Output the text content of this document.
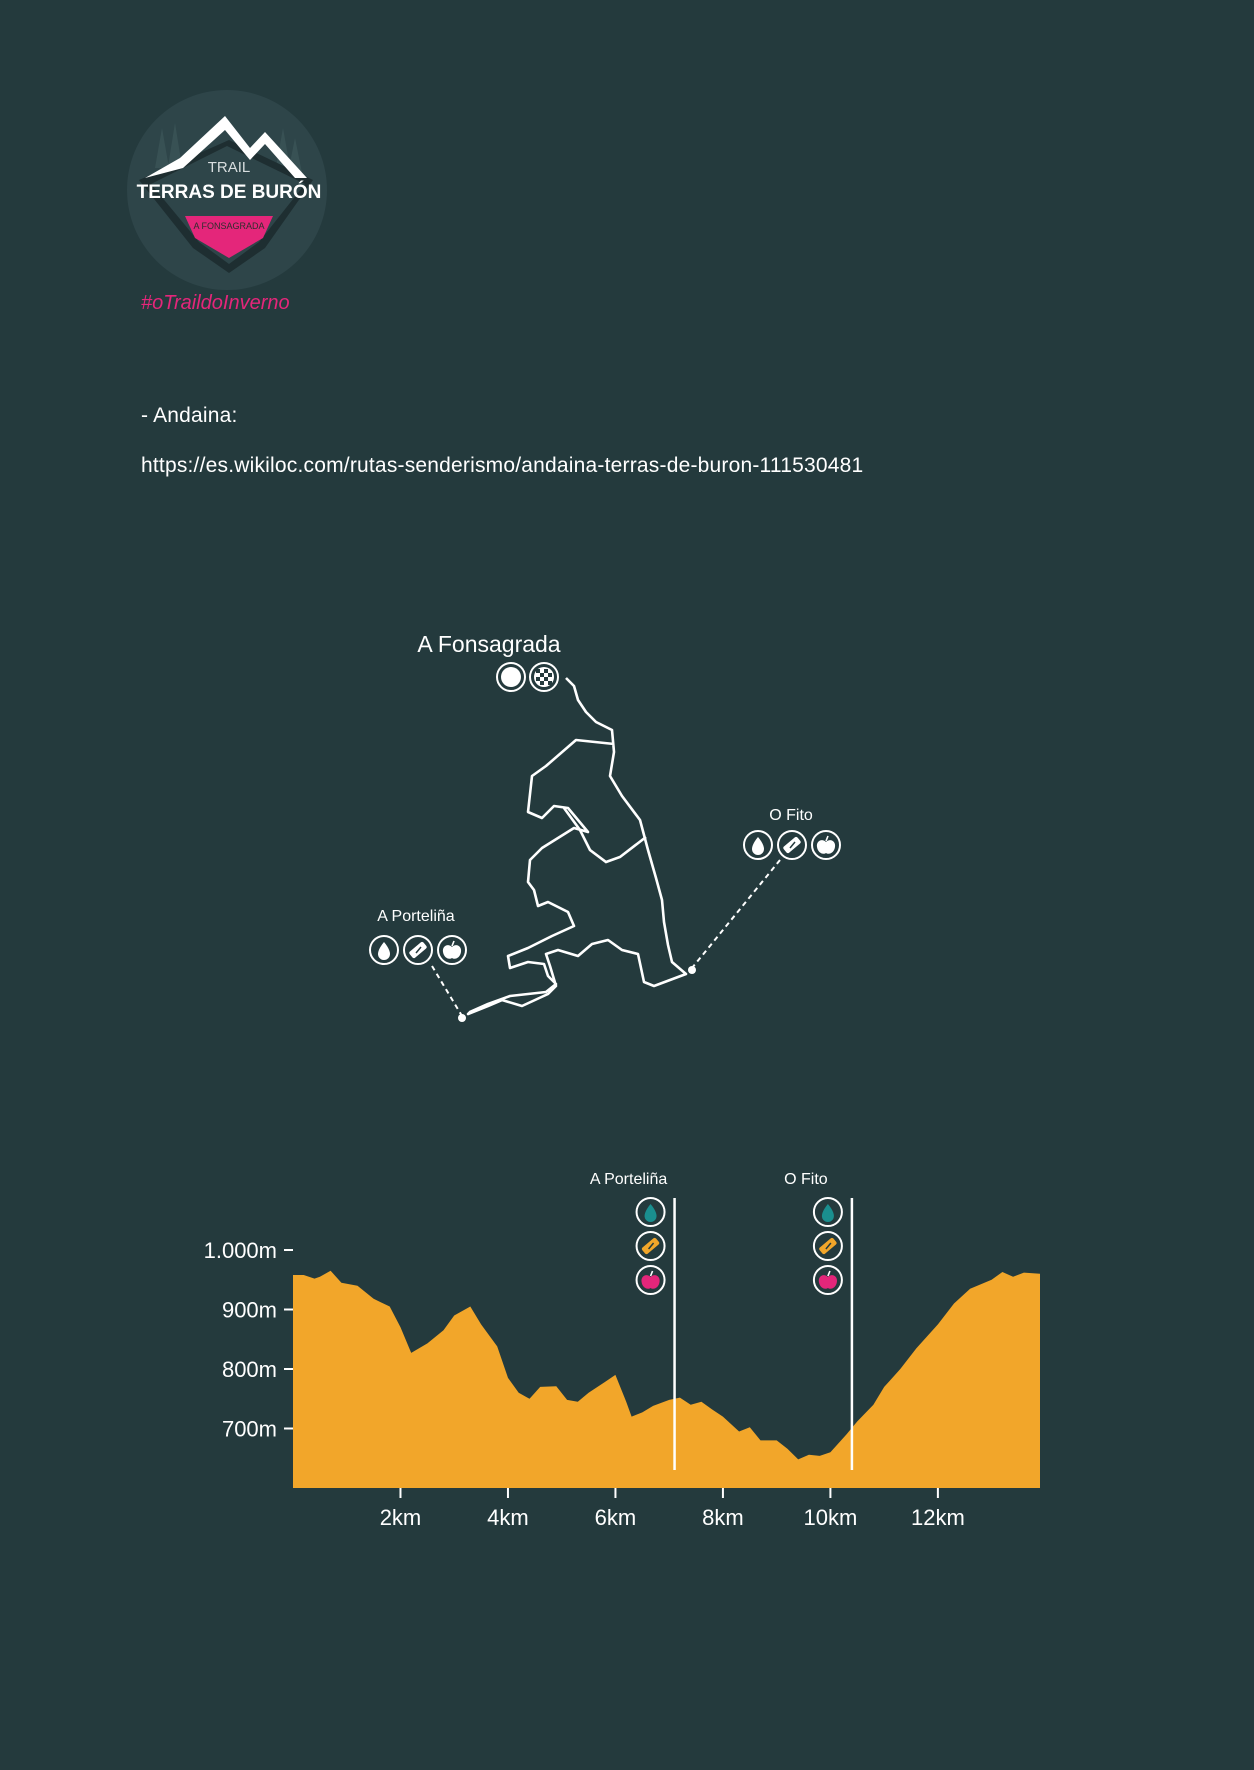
TRAIL
TERRAS DE BURÓN
A FONSAGRADA
#oTraildoInverno
- Andaina:
https://es.wikiloc.com/rutas-senderismo/andaina-terras-de-buron-111530481
A Fonsagrada
A Porteliña
O Fito
700m
800m
900m
1.000m
2km	4km	6km	8km	10km 12km
A Porteliña	O Fito
